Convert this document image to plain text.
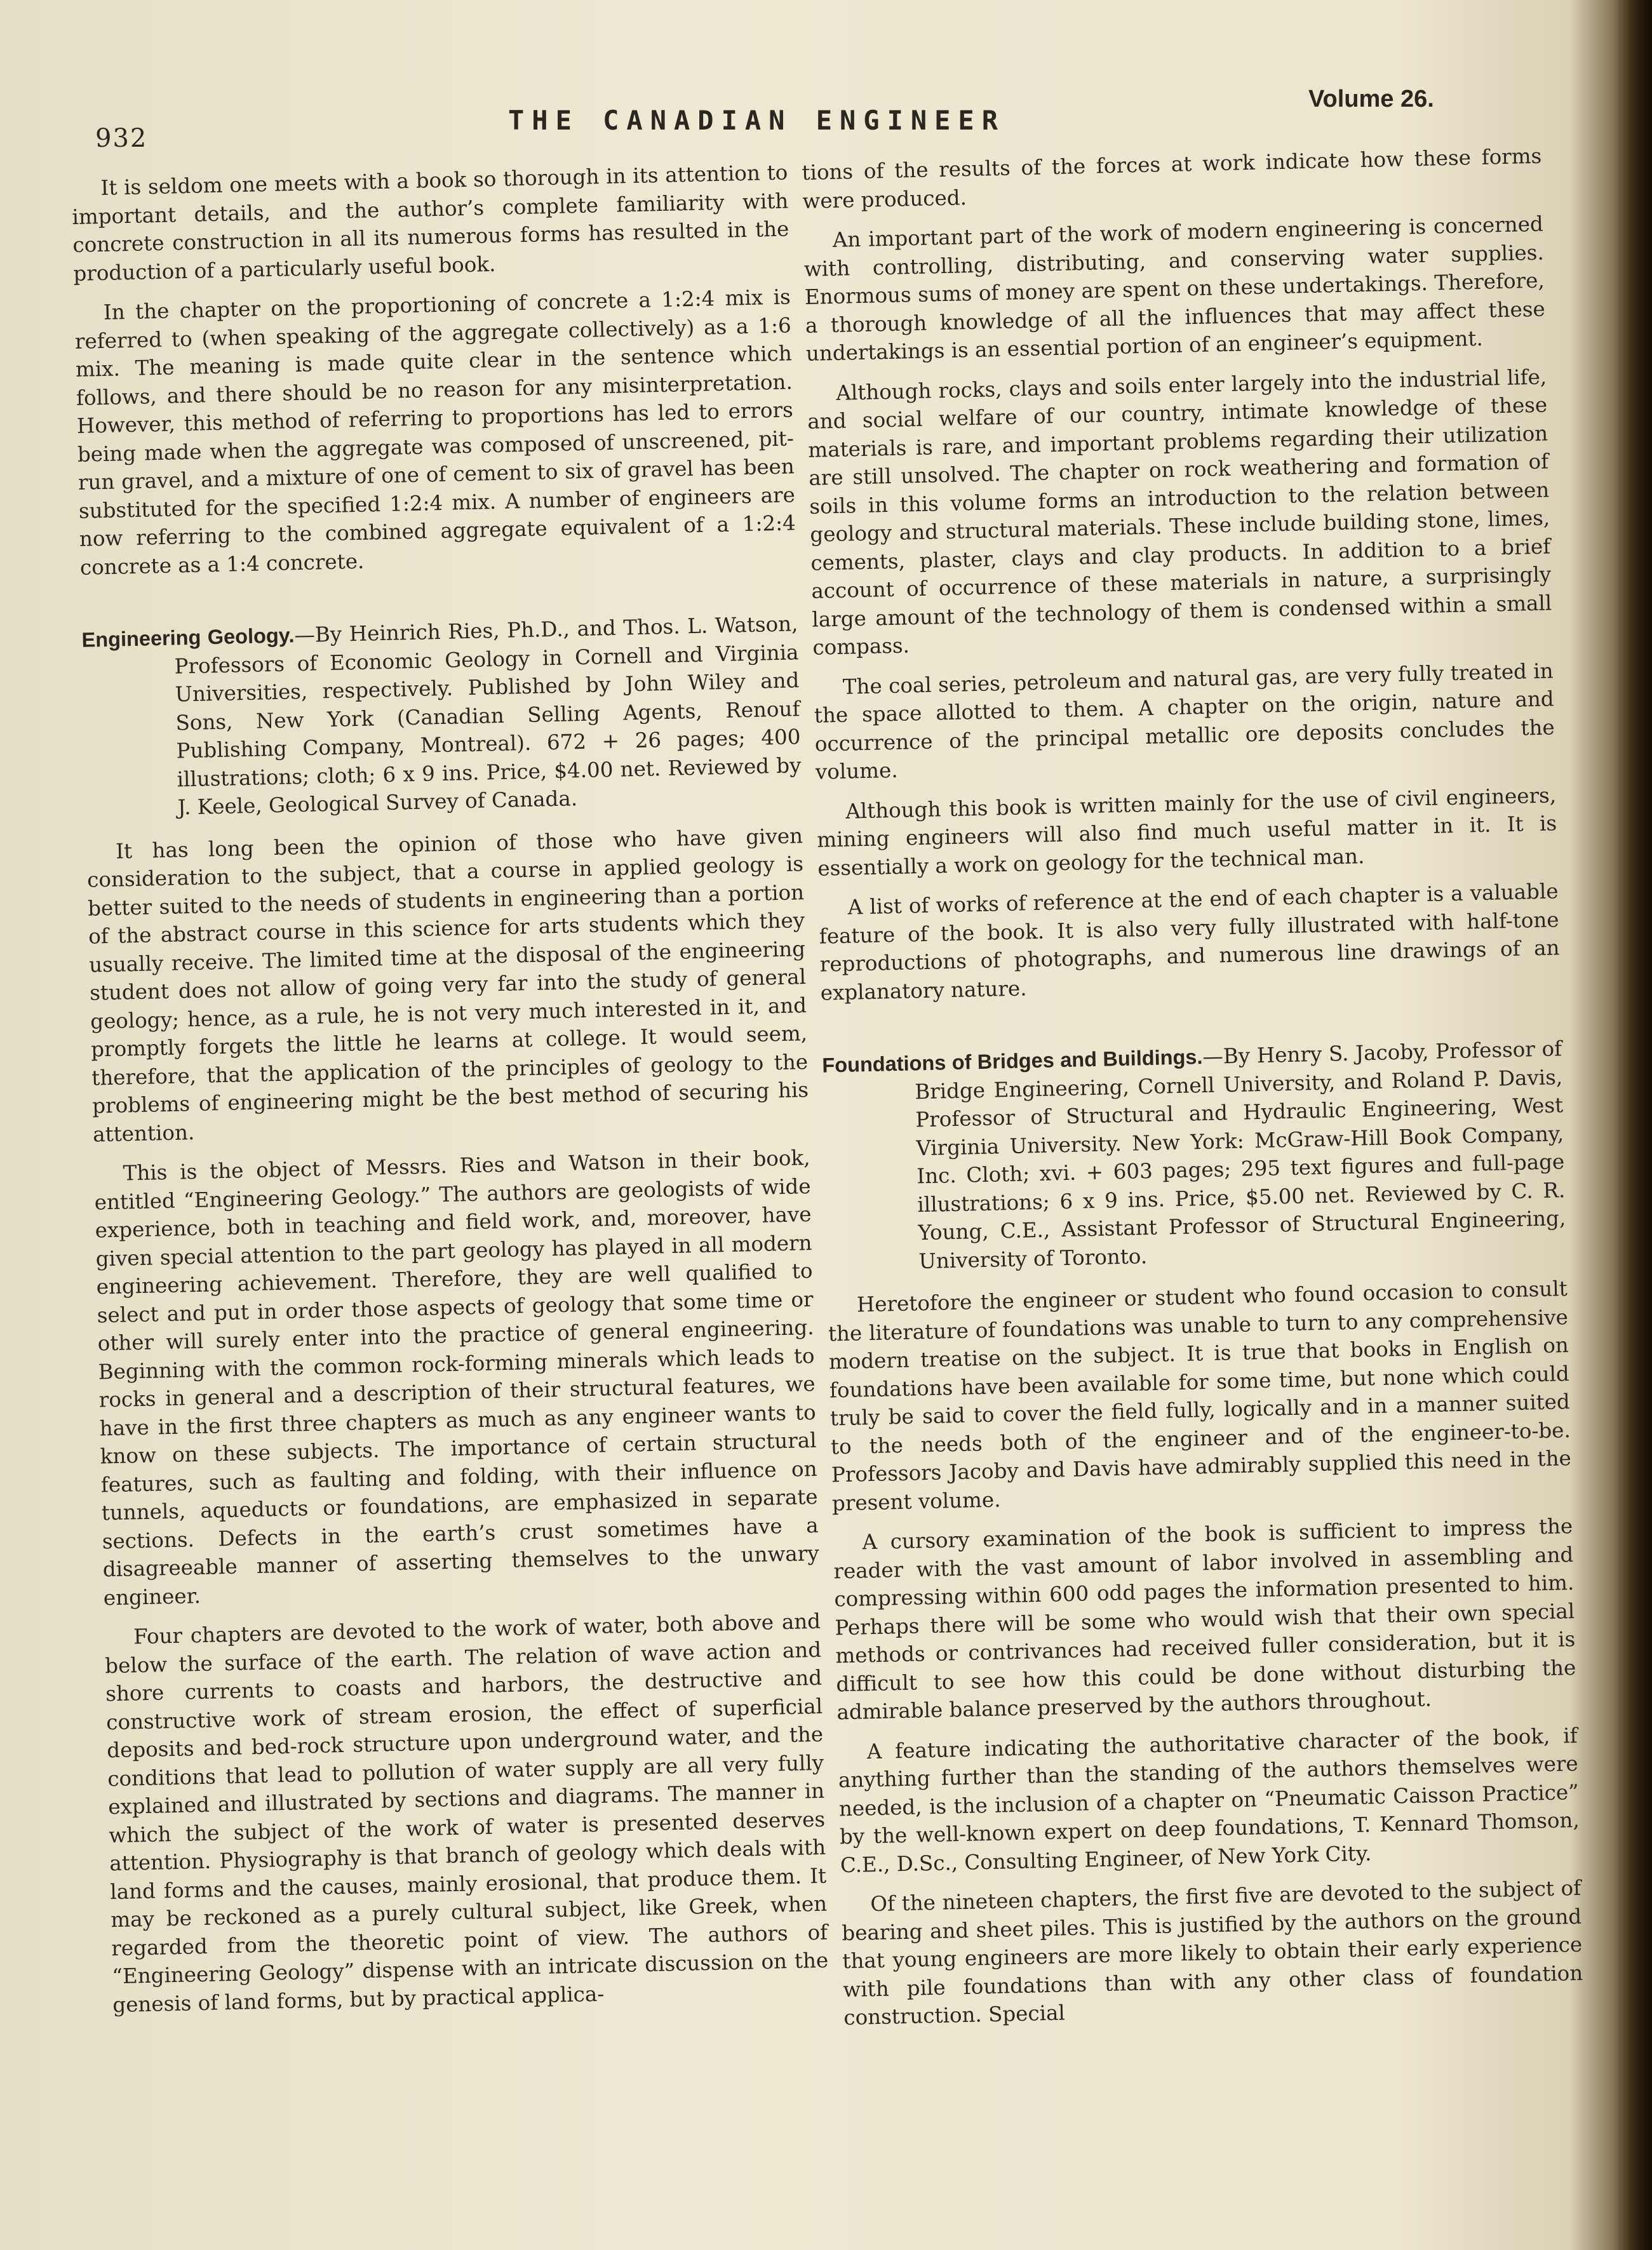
932
THE CANADIAN ENGINEER
Volume 26.

It is seldom one meets with a book so thorough in its attention to important details, and the author’s complete familiarity with concrete construction in all its numerous forms has resulted in the production of a particularly useful book.

In the chapter on the proportioning of concrete a 1:2:4 mix is referred to (when speaking of the aggregate collectively) as a 1:6 mix. The meaning is made quite clear in the sentence which follows, and there should be no reason for any misinterpretation. However, this method of referring to proportions has led to errors being made when the aggregate was composed of unscreened, pit-run gravel, and a mixture of one of cement to six of gravel has been substituted for the specified 1:2:4 mix. A number of engineers are now referring to the combined aggregate equivalent of a 1:2:4 concrete as a 1:4 concrete.

Engineering Geology.—By Heinrich Ries, Ph.D., and Thos. L. Watson, Professors of Economic Geology in Cornell and Virginia Universities, respectively. Published by John Wiley and Sons, New York (Canadian Selling Agents, Renouf Publishing Company, Montreal). 672 + 26 pages; 400 illustrations; cloth; 6 x 9 ins. Price, $4.00 net. Reviewed by J. Keele, Geological Survey of Canada.

It has long been the opinion of those who have given consideration to the subject, that a course in applied geology is better suited to the needs of students in engineering than a portion of the abstract course in this science for arts students which they usually receive. The limited time at the disposal of the engineering student does not allow of going very far into the study of general geology; hence, as a rule, he is not very much interested in it, and promptly forgets the little he learns at college. It would seem, therefore, that the application of the principles of geology to the problems of engineering might be the best method of securing his attention.

This is the object of Messrs. Ries and Watson in their book, entitled “Engineering Geology.” The authors are geologists of wide experience, both in teaching and field work, and, moreover, have given special attention to the part geology has played in all modern engineering achievement. Therefore, they are well qualified to select and put in order those aspects of geology that some time or other will surely enter into the practice of general engineering. Beginning with the common rock-forming minerals which leads to rocks in general and a description of their structural features, we have in the first three chapters as much as any engineer wants to know on these subjects. The importance of certain structural features, such as faulting and folding, with their influence on tunnels, aqueducts or foundations, are emphasized in separate sections. Defects in the earth’s crust sometimes have a disagreeable manner of asserting themselves to the unwary engineer.

Four chapters are devoted to the work of water, both above and below the surface of the earth. The relation of wave action and shore currents to coasts and harbors, the destructive and constructive work of stream erosion, the effect of superficial deposits and bed-rock structure upon underground water, and the conditions that lead to pollution of water supply are all very fully explained and illustrated by sections and diagrams. The manner in which the subject of the work of water is presented deserves attention. Physiography is that branch of geology which deals with land forms and the causes, mainly erosional, that produce them. It may be reckoned as a purely cultural subject, like Greek, when regarded from the theoretic point of view. The authors of “Engineering Geology” dispense with an intricate discussion on the genesis of land forms, but by practical applica-

tions of the results of the forces at work indicate how these forms were produced.

An important part of the work of modern engineering is concerned with controlling, distributing, and conserving water supplies. Enormous sums of money are spent on these undertakings. Therefore, a thorough knowledge of all the influences that may affect these undertakings is an essential portion of an engineer’s equipment.

Although rocks, clays and soils enter largely into the industrial life, and social welfare of our country, intimate knowledge of these materials is rare, and important problems regarding their utilization are still unsolved. The chapter on rock weathering and formation of soils in this volume forms an introduction to the relation between geology and structural materials. These include building stone, limes, cements, plaster, clays and clay products. In addition to a brief account of occurrence of these materials in nature, a surprisingly large amount of the technology of them is condensed within a small compass.

The coal series, petroleum and natural gas, are very fully treated in the space allotted to them. A chapter on the origin, nature and occurrence of the principal metallic ore deposits concludes the volume.

Although this book is written mainly for the use of civil engineers, mining engineers will also find much useful matter in it. It is essentially a work on geology for the technical man.

A list of works of reference at the end of each chapter is a valuable feature of the book. It is also very fully illustrated with half-tone reproductions of photographs, and numerous line drawings of an explanatory nature.

Foundations of Bridges and Buildings.—By Henry S. Jacoby, Professor of Bridge Engineering, Cornell University, and Roland P. Davis, Professor of Structural and Hydraulic Engineering, West Virginia University. New York: McGraw-Hill Book Company, Inc. Cloth; xvi. + 603 pages; 295 text figures and full-page illustrations; 6 x 9 ins. Price, $5.00 net. Reviewed by C. R. Young, C.E., Assistant Professor of Structural Engineering, University of Toronto.

Heretofore the engineer or student who found occasion to consult the literature of foundations was unable to turn to any comprehensive modern treatise on the subject. It is true that books in English on foundations have been available for some time, but none which could truly be said to cover the field fully, logically and in a manner suited to the needs both of the engineer and of the engineer-to-be. Professors Jacoby and Davis have admirably supplied this need in the present volume.

A cursory examination of the book is sufficient to impress the reader with the vast amount of labor involved in assembling and compressing within 600 odd pages the information presented to him. Perhaps there will be some who would wish that their own special methods or contrivances had received fuller consideration, but it is difficult to see how this could be done without disturbing the admirable balance preserved by the authors throughout.

A feature indicating the authoritative character of the book, if anything further than the standing of the authors themselves were needed, is the inclusion of a chapter on “Pneumatic Caisson Practice” by the well-known expert on deep foundations, T. Kennard Thomson, C.E., D.Sc., Consulting Engineer, of New York City.

Of the nineteen chapters, the first five are devoted to the subject of bearing and sheet piles. This is justified by the authors on the ground that young engineers are more likely to obtain their early experience with pile foundations than with any other class of foundation construction. Special
